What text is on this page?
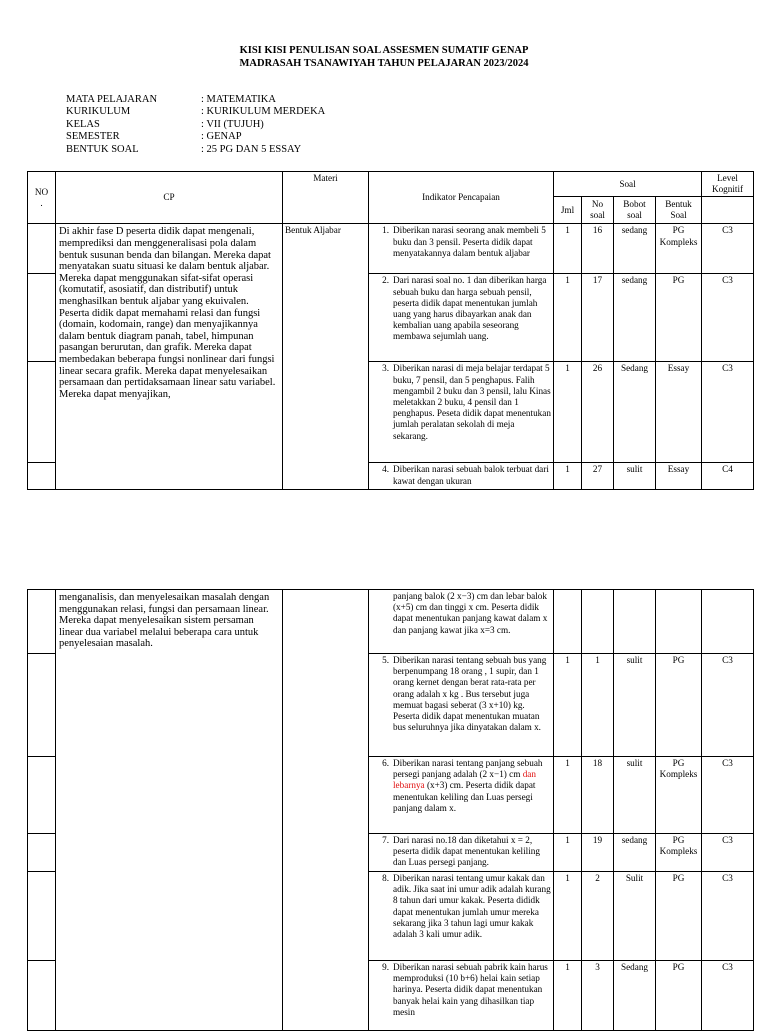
KISI KISI PENULISAN SOAL ASSESMEN SUMATIF GENAP
MADRASAH TSANAWIYAH TAHUN PELAJARAN 2023/2024
MATA PELAJARAN	: MATEMATIKA
KURIKULUM	: KURIKULUM MERDEKA
KELAS	: VII (TUJUH)
SEMESTER	: GENAP
BENTUK SOAL	: 25 PG DAN 5 ESSAY
NO
.	CP	Materi	Indikator Pencapaian	Soal				Level Kognitif
				Jml	No soal	Bobot soal	Bentuk Soal	
	Di akhir fase D peserta didik dapat mengenali, memprediksi dan menggeneralisasi pola dalam bentuk susunan benda dan bilangan. Mereka dapat menyatakan suatu situasi ke dalam bentuk aljabar. Mereka dapat menggunakan sifat-sifat operasi (komutatif, asosiatif, dan distributif) untuk menghasilkan bentuk aljabar yang ekuivalen. Peserta didik dapat memahami relasi dan fungsi (domain, kodomain, range) dan menyajikannya dalam bentuk diagram panah, tabel, himpunan pasangan berurutan, dan grafik. Mereka dapat membedakan beberapa fungsi nonlinear dari fungsi linear secara grafik. Mereka dapat menyelesaikan persamaan dan pertidaksamaan linear satu variabel. Mereka dapat menyajikan,	Bentuk Aljabar	1. Diberikan narasi seorang anak membeli 5 buku dan 3 pensil. Peserta didik dapat menyatakannya dalam bentuk aljabar	1	16	sedang	PG Kompleks	C3

			2. Dari narasi soal no. 1 dan diberikan harga sebuah buku dan harga sebuah pensil, peserta didik dapat menentukan jumlah uang yang harus dibayarkan anak dan kembalian uang apabila seseorang membawa sejumlah uang.	1	17	sedang	PG	C3

			3. Diberikan narasi di meja belajar terdapat 5 buku, 7 pensil, dan 5 penghapus. Falih mengambil 2 buku dan 3 pensil, lalu Kinas meletakkan 2 buku, 4 pensil dan 1 penghapus. Peseta didik dapat menentukan jumlah peralatan sekolah di meja sekarang.	1	26	Sedang	Essay	C3

			4. Diberikan narasi sebuah balok terbuat dari kawat dengan ukuran	1	27	sulit	Essay	C4
	menganalisis, dan menyelesaikan masalah dengan menggunakan relasi, fungsi dan persamaan linear. Mereka dapat menyelesaikan sistem persaman linear dua variabel melalui beberapa cara untuk penyelesaian masalah.		panjang balok (2 x−3) cm dan lebar balok (x+5) cm dan tinggi x cm. Peserta didik dapat menentukan panjang kawat dalam x dan panjang kawat jika x=3 cm.					

			5. Diberikan narasi tentang sebuah bus yang berpenumpang 18 orang , 1 supir, dan 1 orang kernet dengan berat rata-rata per orang adalah x kg . Bus tersebut juga memuat bagasi seberat (3 x+10) kg. Peserta didik dapat menentukan muatan bus seluruhnya jika dinyatakan dalam x.	1	1	sulit	PG	C3

			6. Diberikan narasi tentang panjang sebuah persegi panjang adalah (2 x−1) cm dan lebarnya (x+3) cm. Peserta didik dapat menentukan keliling dan Luas persegi panjang dalam x.	1	18	sulit	PG Kompleks	C3

			7. Dari narasi no.18 dan diketahui x = 2, peserta didik dapat menentukan keliling dan Luas persegi panjang.	1	19	sedang	PG Kompleks	C3

			8. Diberikan narasi tentang umur kakak dan adik. Jika saat ini umur adik adalah kurang 8 tahun dari umur kakak. Peserta dididk dapat menentukan jumlah umur mereka sekarang jika 3 tahun lagi umur kakak adalah 3 kali umur adik.	1	2	Sulit	PG	C3

			9. Diberikan narasi sebuah pabrik kain harus memproduksi (10 b+6) helai kain setiap harinya. Peserta didik dapat menentukan banyak helai kain yang dihasilkan tiap mesin	1	3	Sedang	PG	C3
